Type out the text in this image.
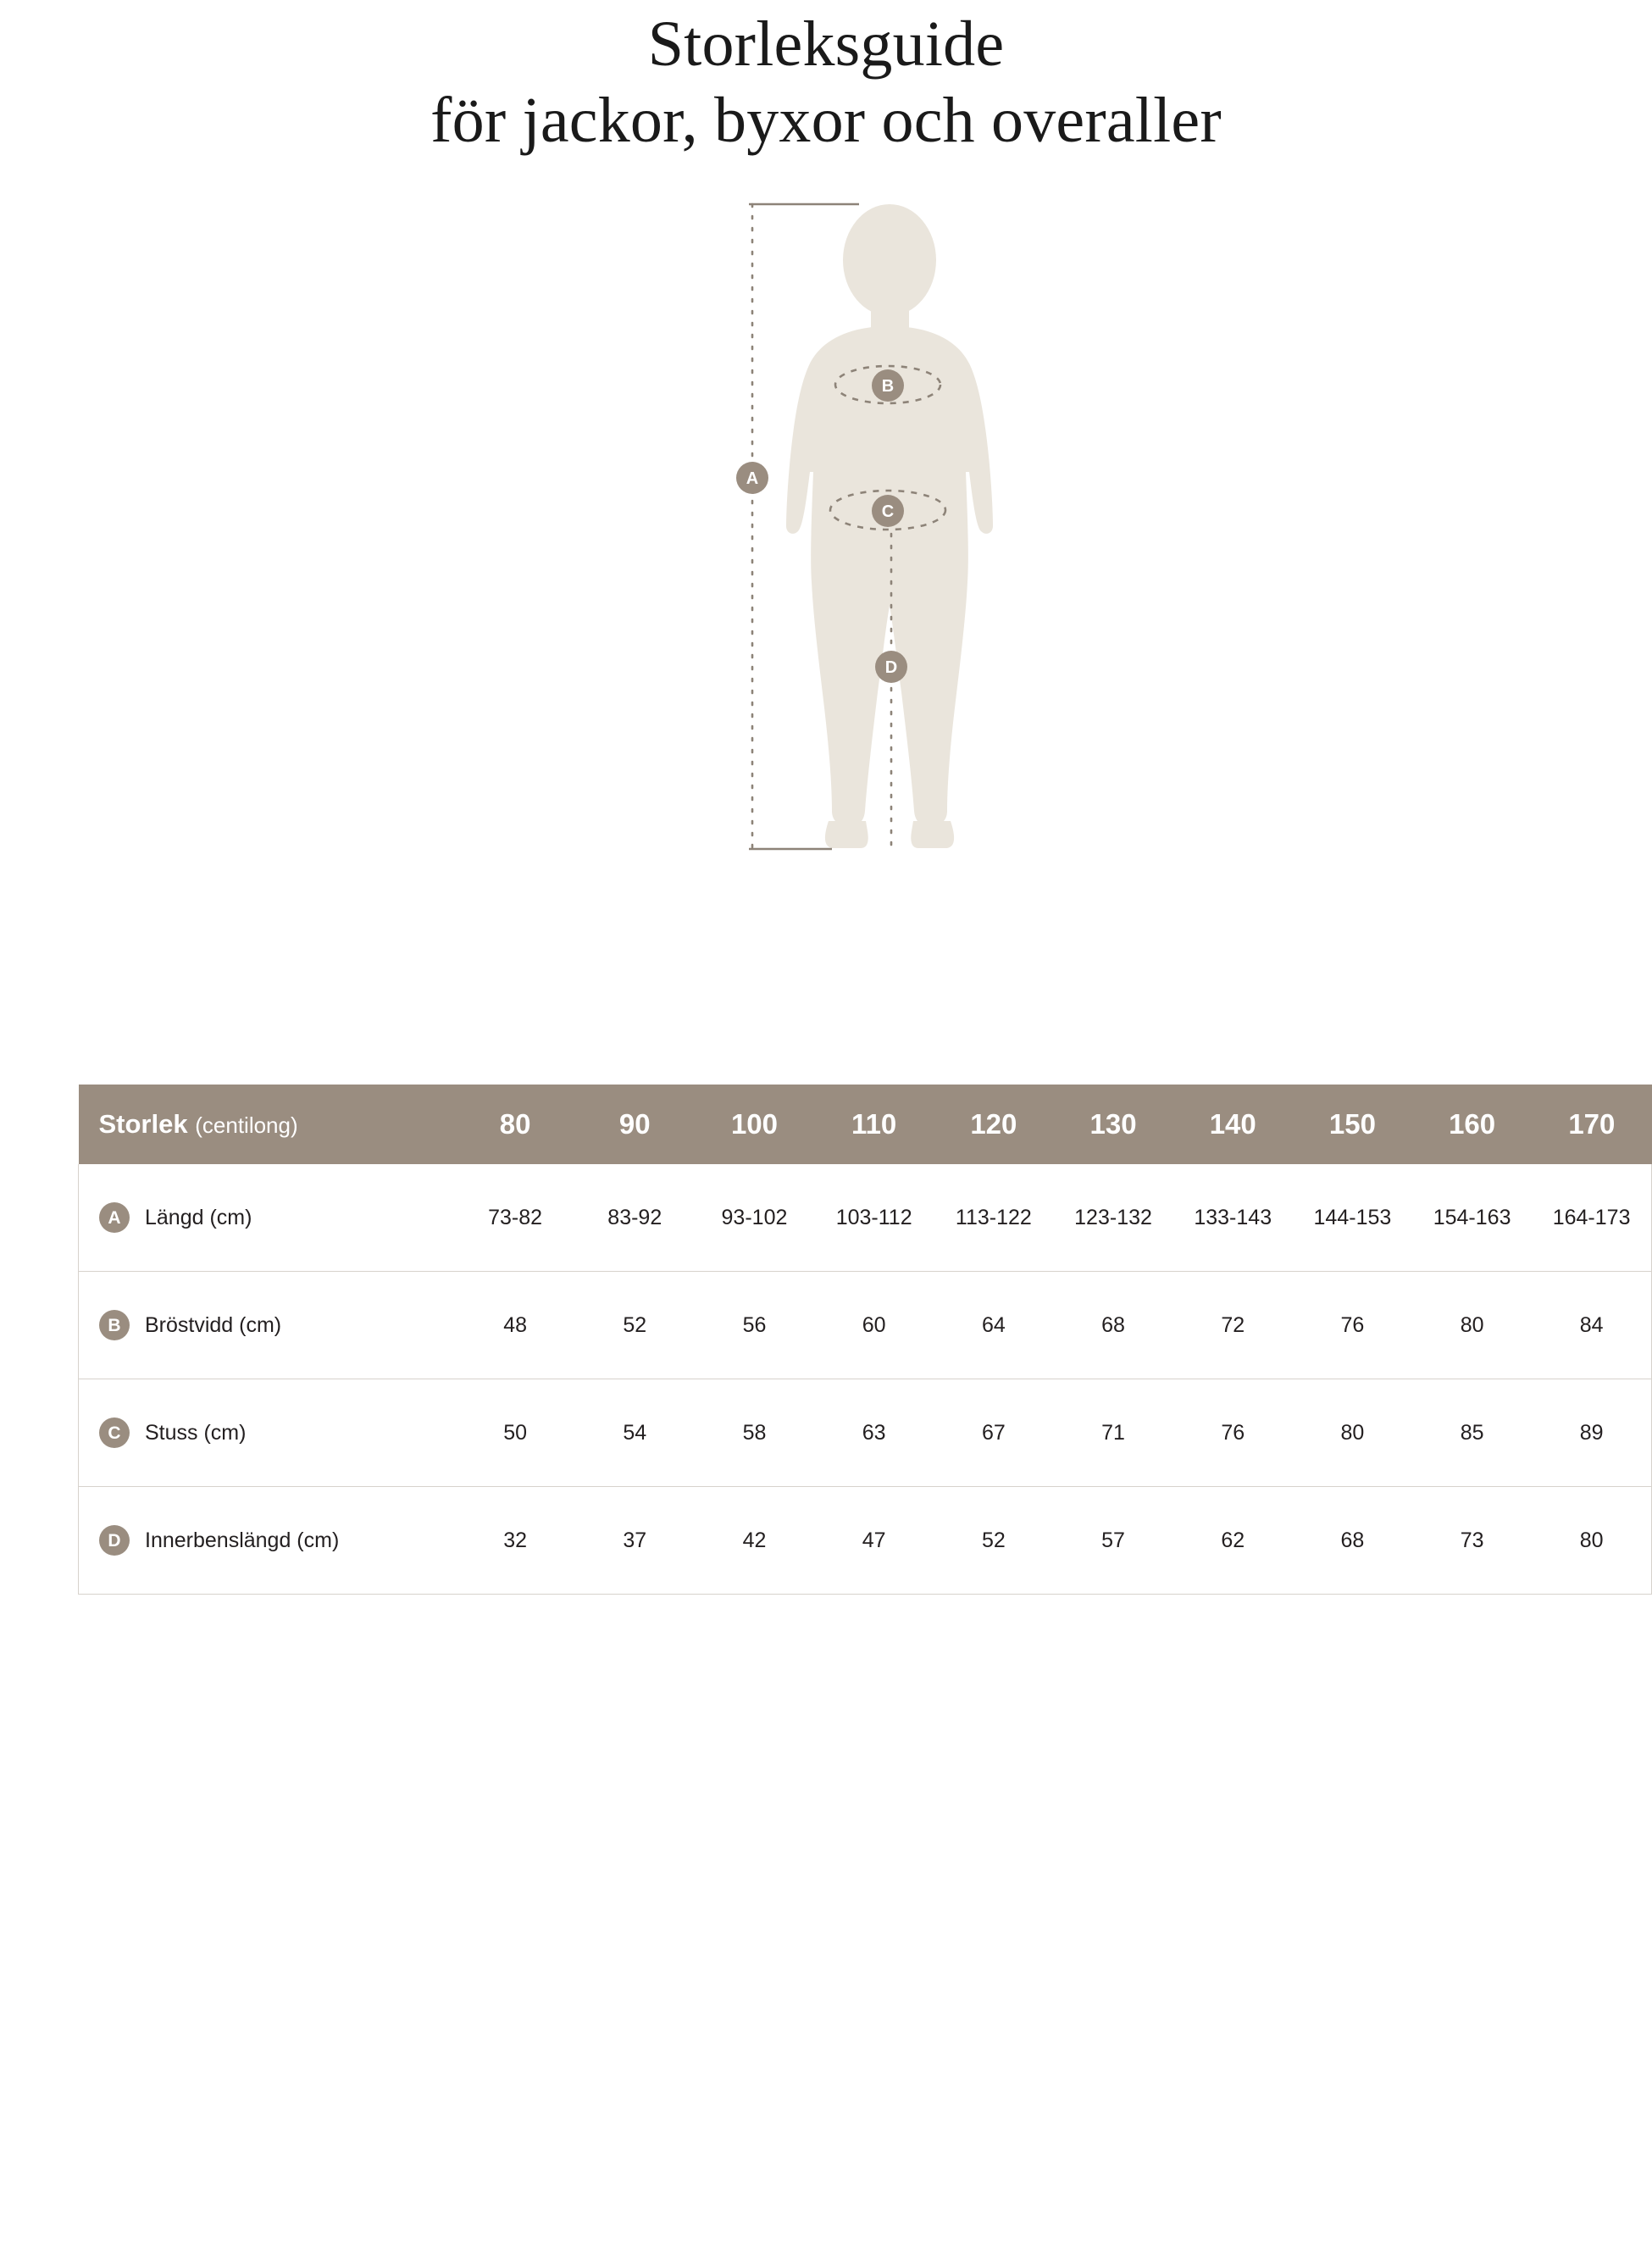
Storleksguide
för jackor, byxor och overaller
A
B
C
D
Storlek (centilong)	80	90	100	110	120	130	140	150	160	170

A Längd (cm)	73-82	83-92	93-102	103-112	113-122	123-132	133-143	144-153	154-163	164-173

B Bröstvidd (cm)	48	52	56	60	64	68	72	76	80	84

C Stuss (cm)	50	54	58	63	67	71	76	80	85	89

D Innerbenslängd (cm)	32	37	42	47	52	57	62	68	73	80
